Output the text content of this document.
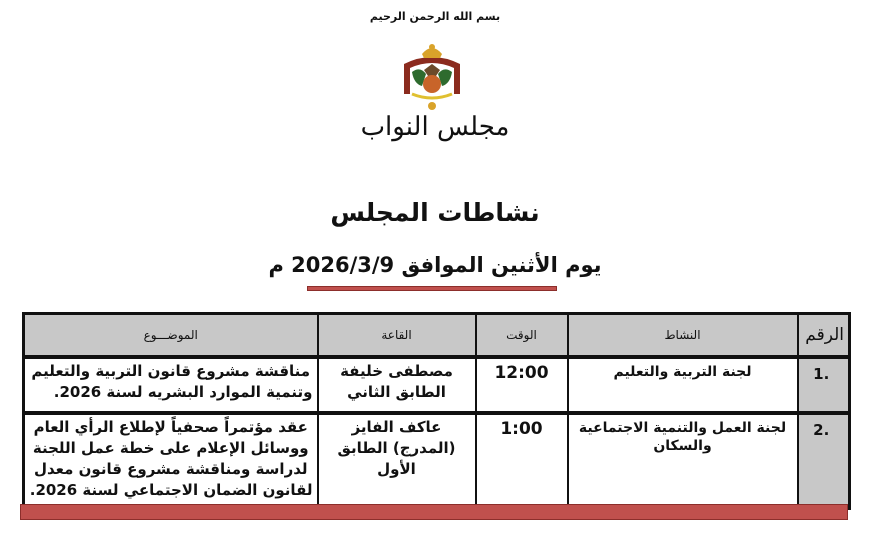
بسم الله الرحمن الرحيم
مجلس النواب
نشاطات المجلس
يوم الأثنين الموافق 2026/3/9 م
الرقم	النشاط	الوقت	القاعة	الموضـــوع
.1	لجنة التربية والتعليم	12:00	مصطفى خليفة الطابق الثاني	مناقشة مشروع قانون التربية والتعليم وتنمية الموارد البشريه لسنة 2026.
.2	لجنة العمل والتنمية الاجتماعية والسكان	1:00	عاكف الفايز (المدرج) الطابق الأول	عقد مؤتمراً صحفياً لإطلاع الرأي العام ووسائل الإعلام على خطة عمل اللجنة لدراسة ومناقشة مشروع قانون معدل لقانون الضمان الاجتماعي لسنة 2026.
